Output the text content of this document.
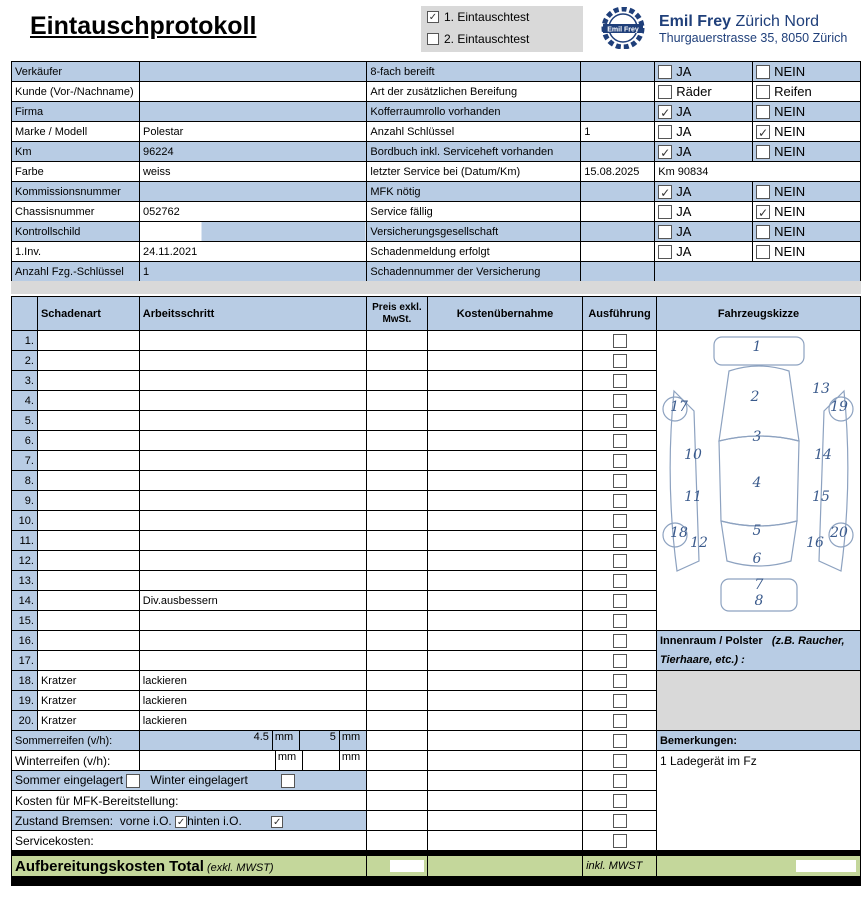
Eintauschprotokoll	✓ 1. Eintauschtest
2. Eintauschtest
Emil Frey Emil Frey Zürich Nord
Thurgauerstrasse 35, 8050 Zürich
Verkäufer		8-fach bereift		JA	NEIN
Kunde (Vor-/Nachname)		Art der zusätzlichen Bereifung		Räder	Reifen
Firma		Kofferraumrollo vorhanden		✓ JA	NEIN
Marke / Modell	Polestar	Anzahl Schlüssel	1	JA	✓ NEIN
Km	96224	Bordbuch inkl. Serviceheft vorhanden		✓ JA	NEIN
Farbe	weiss	letzter Service bei (Datum/Km)	15.08.2025	Km 90834	
Kommissionsnummer		MFK nötig		✓ JA	NEIN
Chassisnummer	052762	Service fällig		JA	✓ NEIN
Kontrollschild		Versicherungsgesellschaft		JA	NEIN
1.Inv.	24.11.2021	Schadenmeldung erfolgt		JA	NEIN
Anzahl Fzg.-Schlüssel	1	Schadennummer der Versicherung			
	Schadenart	Arbeitsschritt	Preis exkl. MwSt.	Kostenübernahme	Ausführung	Fahrzeugskizze
1.						
2.						
3.						
4.						
5.						
6.						
7.						
8.						
9.						
10.						
11.						
12.						
13.						
14.		Div.ausbessern				
15.						
16.						Innenraum / Polster (z.B. Raucher, Tierhaare, etc.) :
17.						
18.	Kratzer	lackieren				
19.	Kratzer	lackieren				
20.	Kratzer	lackieren				
Sommerreifen (v/h):		4.5 mm 5 mm				Bemerkungen:
Winterreifen (v/h):		mm mm				1 Ladegerät im Fz
Sommer eingelagert Winter eingelagert						
Kosten für MFK-Bereitstellung:						
Zustand Bremsen: vorne i.O. ✓ hinten i.O. ✓						
Servicekosten:						

Aufbereitungskosten Total (exkl. MWST)					inkl. MWST	

1
2
3
4
5
6
7
8
10
11
12
13
14
15
16
17
18
19
20
